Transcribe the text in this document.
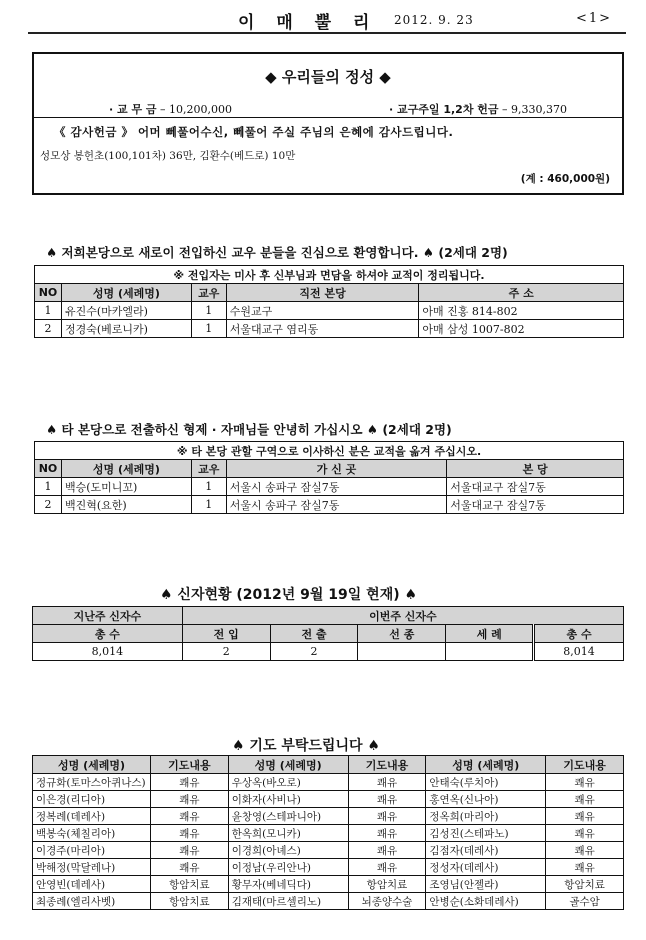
이 매 뿔 리 2012. 9. 23	<1>
◆ 우리들의 정성 ◆
· 교 무 금 – 10,200,000	· 교구주일 1,2차 헌금 – 9,330,370
《 감사헌금 》 어머 뻬풀어수신, 뻬풀어 주실 주님의 은혜에 감사드립니다.
성모상 봉헌초(100,101차) 36만, 김환수(베드로) 10만
(계 : 460,000원)
♠ 저희본당으로 새로이 전입하신 교우 분들을 진심으로 환영합니다. ♠ (2세대 2명)
※ 전입자는 미사 후 신부님과 면담을 하셔야 교적이 정리됩니다.				
NO	성명 (세례명)	교우	직전 본당	주 소
1	유진수(마카엘라)	1	수원교구	아매 진홍 814-802
2	정경숙(베로니카)	1	서울대교구 염리동	아매 삼성 1007-802
♠ 타 본당으로 전출하신 형제 · 자매님들 안녕히 가십시오 ♠ (2세대 2명)
※ 타 본당 관할 구역으로 이사하신 분은 교적을 옮겨 주십시오.				
NO	성명 (세례명)	교우	가 신 곳	본 당
1	백승(도미니꼬)	1	서울시 송파구 잠실7동	서울대교구 잠실7동
2	백진혁(요한)	1	서울시 송파구 잠실7동	서울대교구 잠실7동
♠ 신자현황 (2012년 9월 19일 현재) ♠
지난주 신자수	이번주 신자수				
총 수	전 입	전 출	선 종	세 례	총 수
8,014	2	2			8,014
♠ 기도 부탁드립니다 ♠
성명 (세례명)	기도내용	성명 (세례명)	기도내용	성명 (세례명)	기도내용
정규화(토마스아퀴나스)	쾌유	우상옥(바오로)	쾌유	안태숙(루치아)	쾌유
이은경(리디아)	쾌유	이화자(사비나)	쾌유	홍연옥(신나아)	쾌유
정복례(데레사)	쾌유	윤창영(스테파니아)	쾌유	정옥희(마리아)	쾌유
백봉숙(체칠리아)	쾌유	한옥희(모니카)	쾌유	김성진(스테파노)	쾌유
이경주(마리아)	쾌유	이경희(아녜스)	쾌유	김점자(데레사)	쾌유
박해정(막달레나)	쾌유	이정남(우리안나)	쾌유	정성자(데레사)	쾌유
안영빈(데레사)	항암치료	황무자(베네딕다)	항암치료	조영님(안젤라)	항암치료
최종례(엘리사벳)	항암치료	김재태(마르셀리노)	뇌종양수술	안병순(소화데레사)	골수암
